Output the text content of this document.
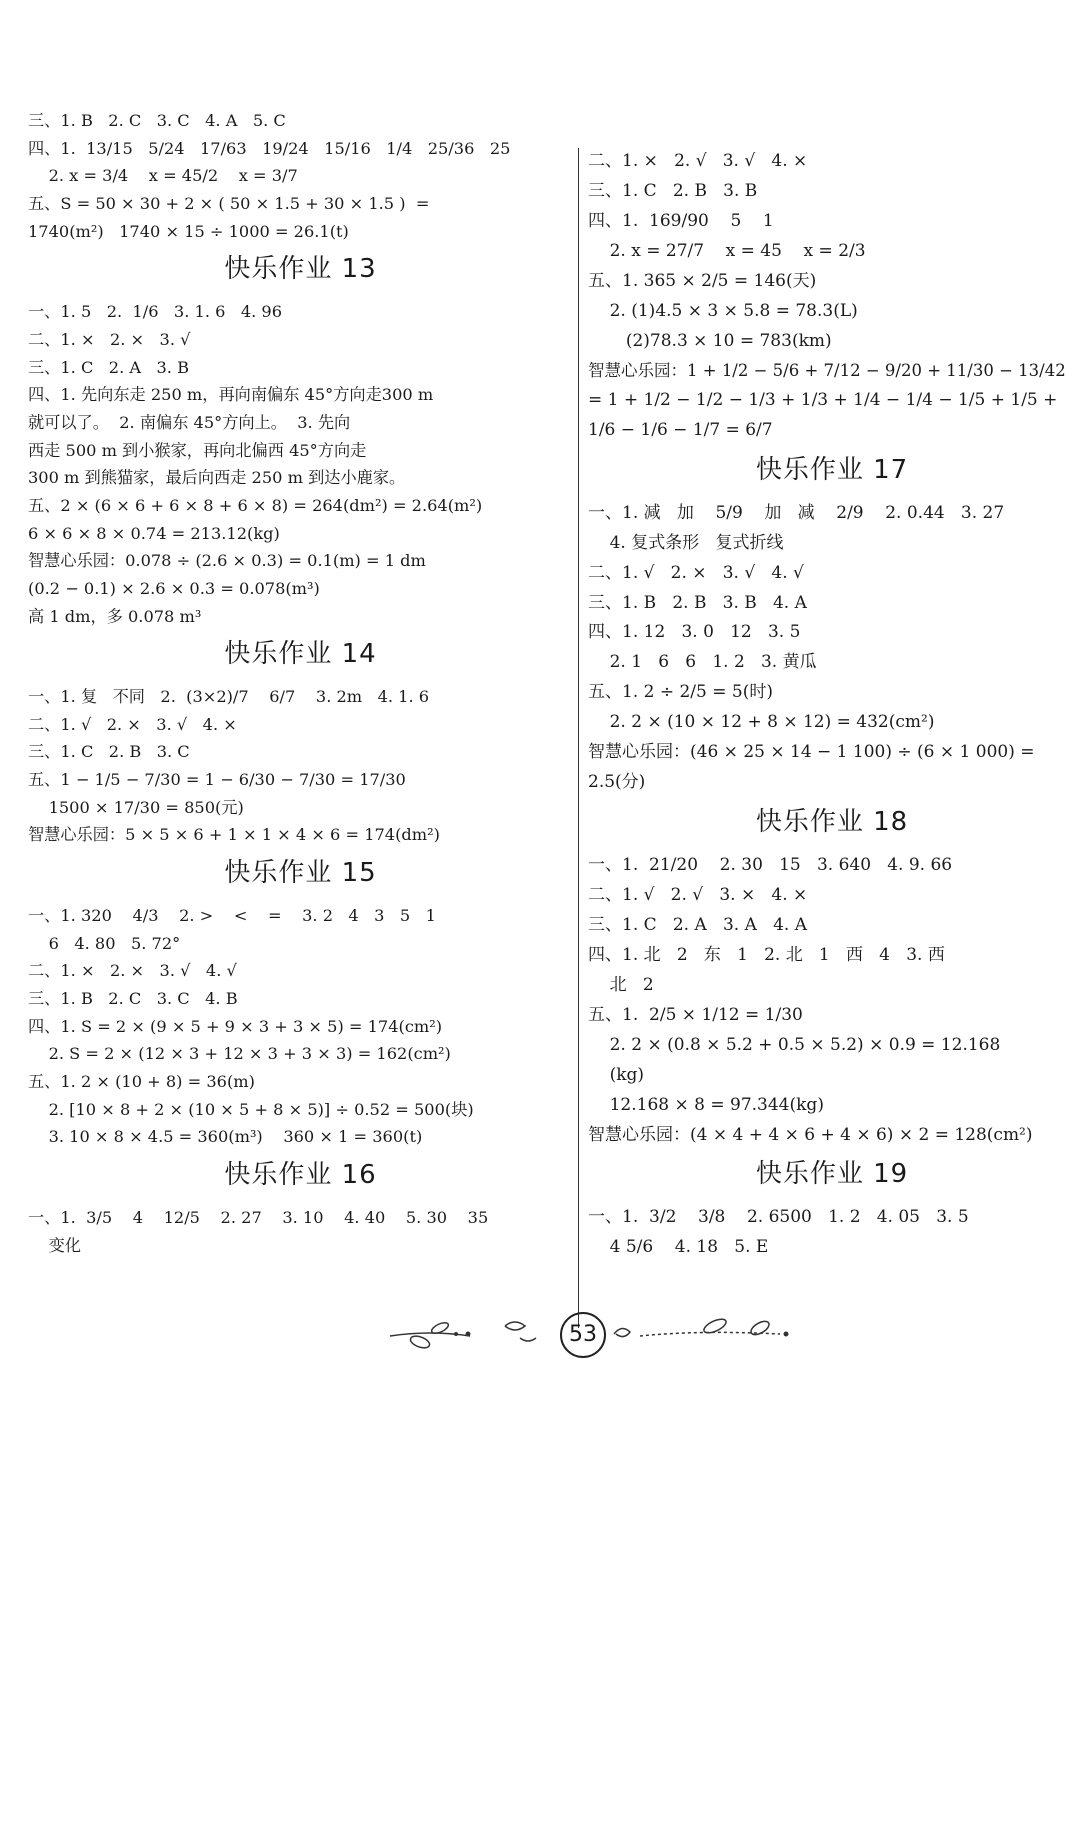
三、1. B   2. C   3. C   4. A   5. C
四、1.  13/15   5/24   17/63   19/24   15/16   1/4   25/36   25
2. x = 3/4    x = 45/2    x = 3/7
五、S = 50 × 30 + 2 × ( 50 × 1.5 + 30 × 1.5 )  =
1740(m²)   1740 × 15 ÷ 1000 = 26.1(t)
快乐作业 13
一、1. 5   2.  1/6   3. 1. 6   4. 96
二、1. ×   2. ×   3. √
三、1. C   2. A   3. B
四、1. 先向东走 250 m，再向南偏东 45°方向走300 m
就可以了。  2. 南偏东 45°方向上。  3. 先向
西走 500 m 到小猴家，再向北偏西 45°方向走
300 m 到熊猫家，最后向西走 250 m 到达小鹿家。
五、2 × (6 × 6 + 6 × 8 + 6 × 8) = 264(dm²) = 2.64(m²)
6 × 6 × 8 × 0.74 = 213.12(kg)
智慧心乐园：0.078 ÷ (2.6 × 0.3) = 0.1(m) = 1 dm
(0.2 − 0.1) × 2.6 × 0.3 = 0.078(m³)
高 1 dm，多 0.078 m³
快乐作业 14
一、1. 复   不同   2.  (3×2)/7    6/7    3. 2m   4. 1. 6
二、1. √   2. ×   3. √   4. ×
三、1. C   2. B   3. C
五、1 − 1/5 − 7/30 = 1 − 6/30 − 7/30 = 17/30
1500 × 17/30 = 850(元)
智慧心乐园：5 × 5 × 6 + 1 × 1 × 4 × 6 = 174(dm²)
快乐作业 15
一、1. 320    4/3    2. >    <    =    3. 2   4   3   5   1
6   4. 80   5. 72°
二、1. ×   2. ×   3. √   4. √
三、1. B   2. C   3. C   4. B
四、1. S = 2 × (9 × 5 + 9 × 3 + 3 × 5) = 174(cm²)
2. S = 2 × (12 × 3 + 12 × 3 + 3 × 3) = 162(cm²)
五、1. 2 × (10 + 8) = 36(m)
2. [10 × 8 + 2 × (10 × 5 + 8 × 5)] ÷ 0.52 = 500(块)
3. 10 × 8 × 4.5 = 360(m³)    360 × 1 = 360(t)
快乐作业 16
一、1.  3/5    4    12/5    2. 27    3. 10    4. 40    5. 30    35
变化
二、1. ×   2. √   3. √   4. ×
三、1. C   2. B   3. B
四、1.  169/90    5    1
2. x = 27/7    x = 45    x = 2/3
五、1. 365 × 2/5 = 146(天)
2. (1)4.5 × 3 × 5.8 = 78.3(L)
(2)78.3 × 10 = 783(km)
智慧心乐园：1 + 1/2 − 5/6 + 7/12 − 9/20 + 11/30 − 13/42
= 1 + 1/2 − 1/2 − 1/3 + 1/3 + 1/4 − 1/4 − 1/5 + 1/5 +
1/6 − 1/6 − 1/7 = 6/7
快乐作业 17
一、1. 减   加    5/9    加   减    2/9    2. 0.44   3. 27
4. 复式条形   复式折线
二、1. √   2. ×   3. √   4. √
三、1. B   2. B   3. B   4. A
四、1. 12   3. 0   12   3. 5
2. 1   6   6   1. 2   3. 黄瓜
五、1. 2 ÷ 2/5 = 5(时)
2. 2 × (10 × 12 + 8 × 12) = 432(cm²)
智慧心乐园：(46 × 25 × 14 − 1 100) ÷ (6 × 1 000) =
2.5(分)
快乐作业 18
一、1.  21/20    2. 30   15   3. 640   4. 9. 66
二、1. √   2. √   3. ×   4. ×
三、1. C   2. A   3. A   4. A
四、1. 北   2   东   1   2. 北   1   西   4   3. 西
北   2
五、1.  2/5 × 1/12 = 1/30
2. 2 × (0.8 × 5.2 + 0.5 × 5.2) × 0.9 = 12.168
(kg)
12.168 × 8 = 97.344(kg)
智慧心乐园：(4 × 4 + 4 × 6 + 4 × 6) × 2 = 128(cm²)
快乐作业 19
一、1.  3/2    3/8    2. 6500   1. 2   4. 05   3. 5
4 5/6    4. 18   5. E
53
